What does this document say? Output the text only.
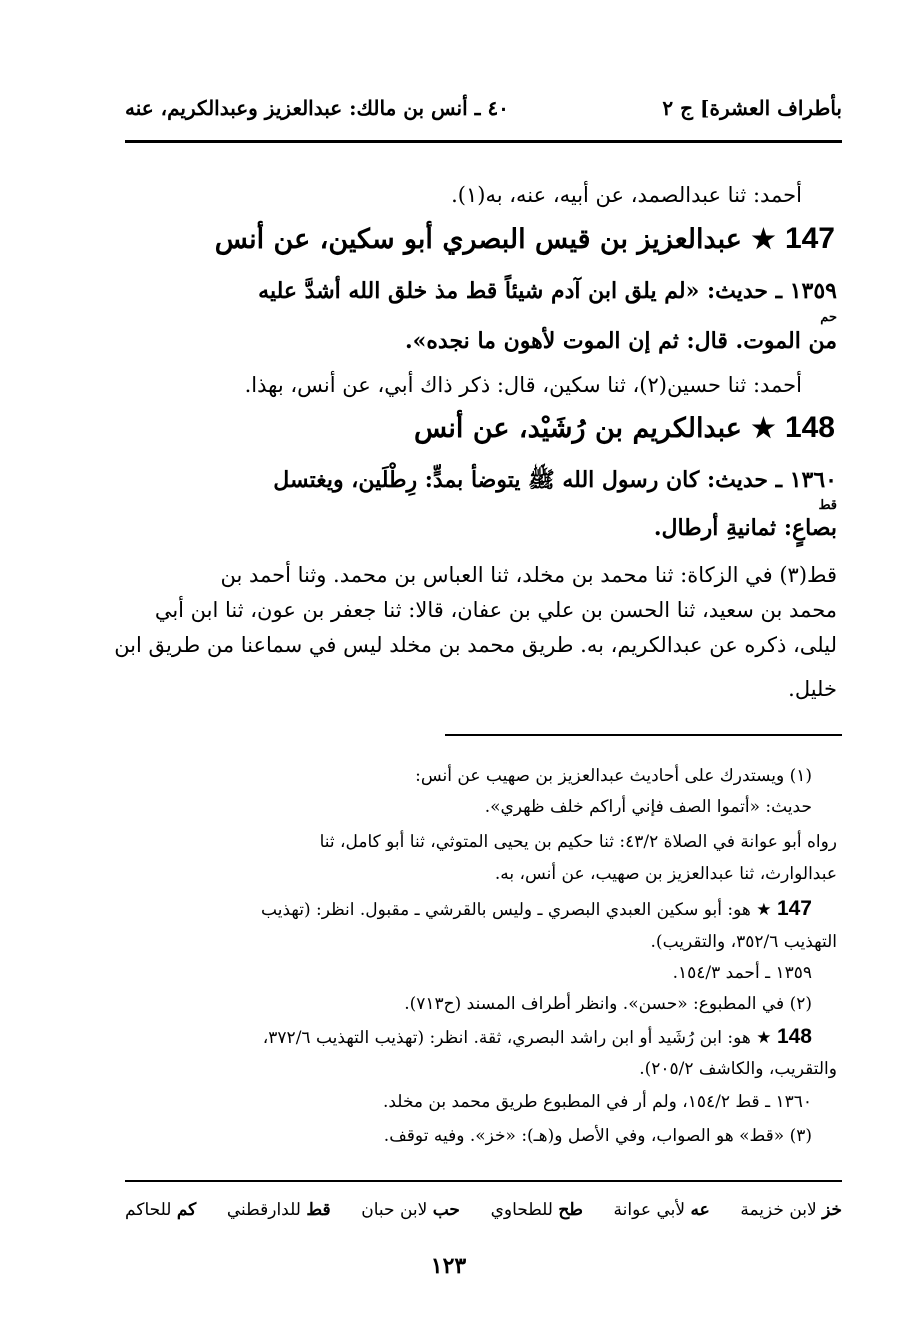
٤٠ ـ أنس بن مالك: عبدالعزيز وعبدالكريم، عنه	بأطراف العشرة] ج ٢
أحمد: ثنا عبدالصمد، عن أبيه، عنه، به(١).
147 ★ عبدالعزيز بن قيس البصري أبو سكين، عن أنس
١٣٥٩ ـ حديث: «لم يلق ابن آدم شيئاً قط مذ خلق الله أشدَّ عليه
حم
من الموت. قال: ثم إن الموت لأهون ما نجده».
أحمد: ثنا حسين(٢)، ثنا سكين، قال: ذكر ذاك أبي، عن أنس، بهذا.
148 ★ عبدالكريم بن رُشَيْد، عن أنس
١٣٦٠ ـ حديث: كان رسول الله ﷺ يتوضأ بمدٍّ: رِطْلَين، ويغتسل
قط
بصاعٍ: ثمانيةِ أرطال.
قط(٣) في الزكاة: ثنا محمد بن مخلد، ثنا العباس بن محمد. وثنا أحمد بن
محمد بن سعيد، ثنا الحسن بن علي بن عفان، قالا: ثنا جعفر بن عون، ثنا ابن أبي
ليلى، ذكره عن عبدالكريم، به. طريق محمد بن مخلد ليس في سماعنا من طريق ابن
خليل.
(١) ويستدرك على أحاديث عبدالعزيز بن صهيب عن أنس:
حديث: «أتموا الصف فإني أراكم خلف ظهري».
رواه أبو عوانة في الصلاة ٤٣/٢: ثنا حكيم بن يحيى المتوثي، ثنا أبو كامل، ثنا
عبدالوارث، ثنا عبدالعزيز بن صهيب، عن أنس، به.
147 ★ هو: أبو سكين العبدي البصري ـ وليس بالقرشي ـ مقبول. انظر: (تهذيب
التهذيب ٣٥٢/٦، والتقريب).
١٣٥٩ ـ أحمد ١٥٤/٣.
(٢) في المطبوع: «حسن». وانظر أطراف المسند (ح٧١٣).
148 ★ هو: ابن رُشَيد أو ابن راشد البصري، ثقة. انظر: (تهذيب التهذيب ٣٧٢/٦،
والتقريب، والكاشف ٢٠٥/٢).
١٣٦٠ ـ قط ١٥٤/٢، ولم أر في المطبوع طريق محمد بن مخلد.
(٣) «قط» هو الصواب، وفي الأصل و(هـ): «خز». وفيه توقف.
خز لابن خزيمة
عه لأبي عوانة
طح للطحاوي
حب لابن حبان
قط للدارقطني
كم للحاكم
١٢٣
